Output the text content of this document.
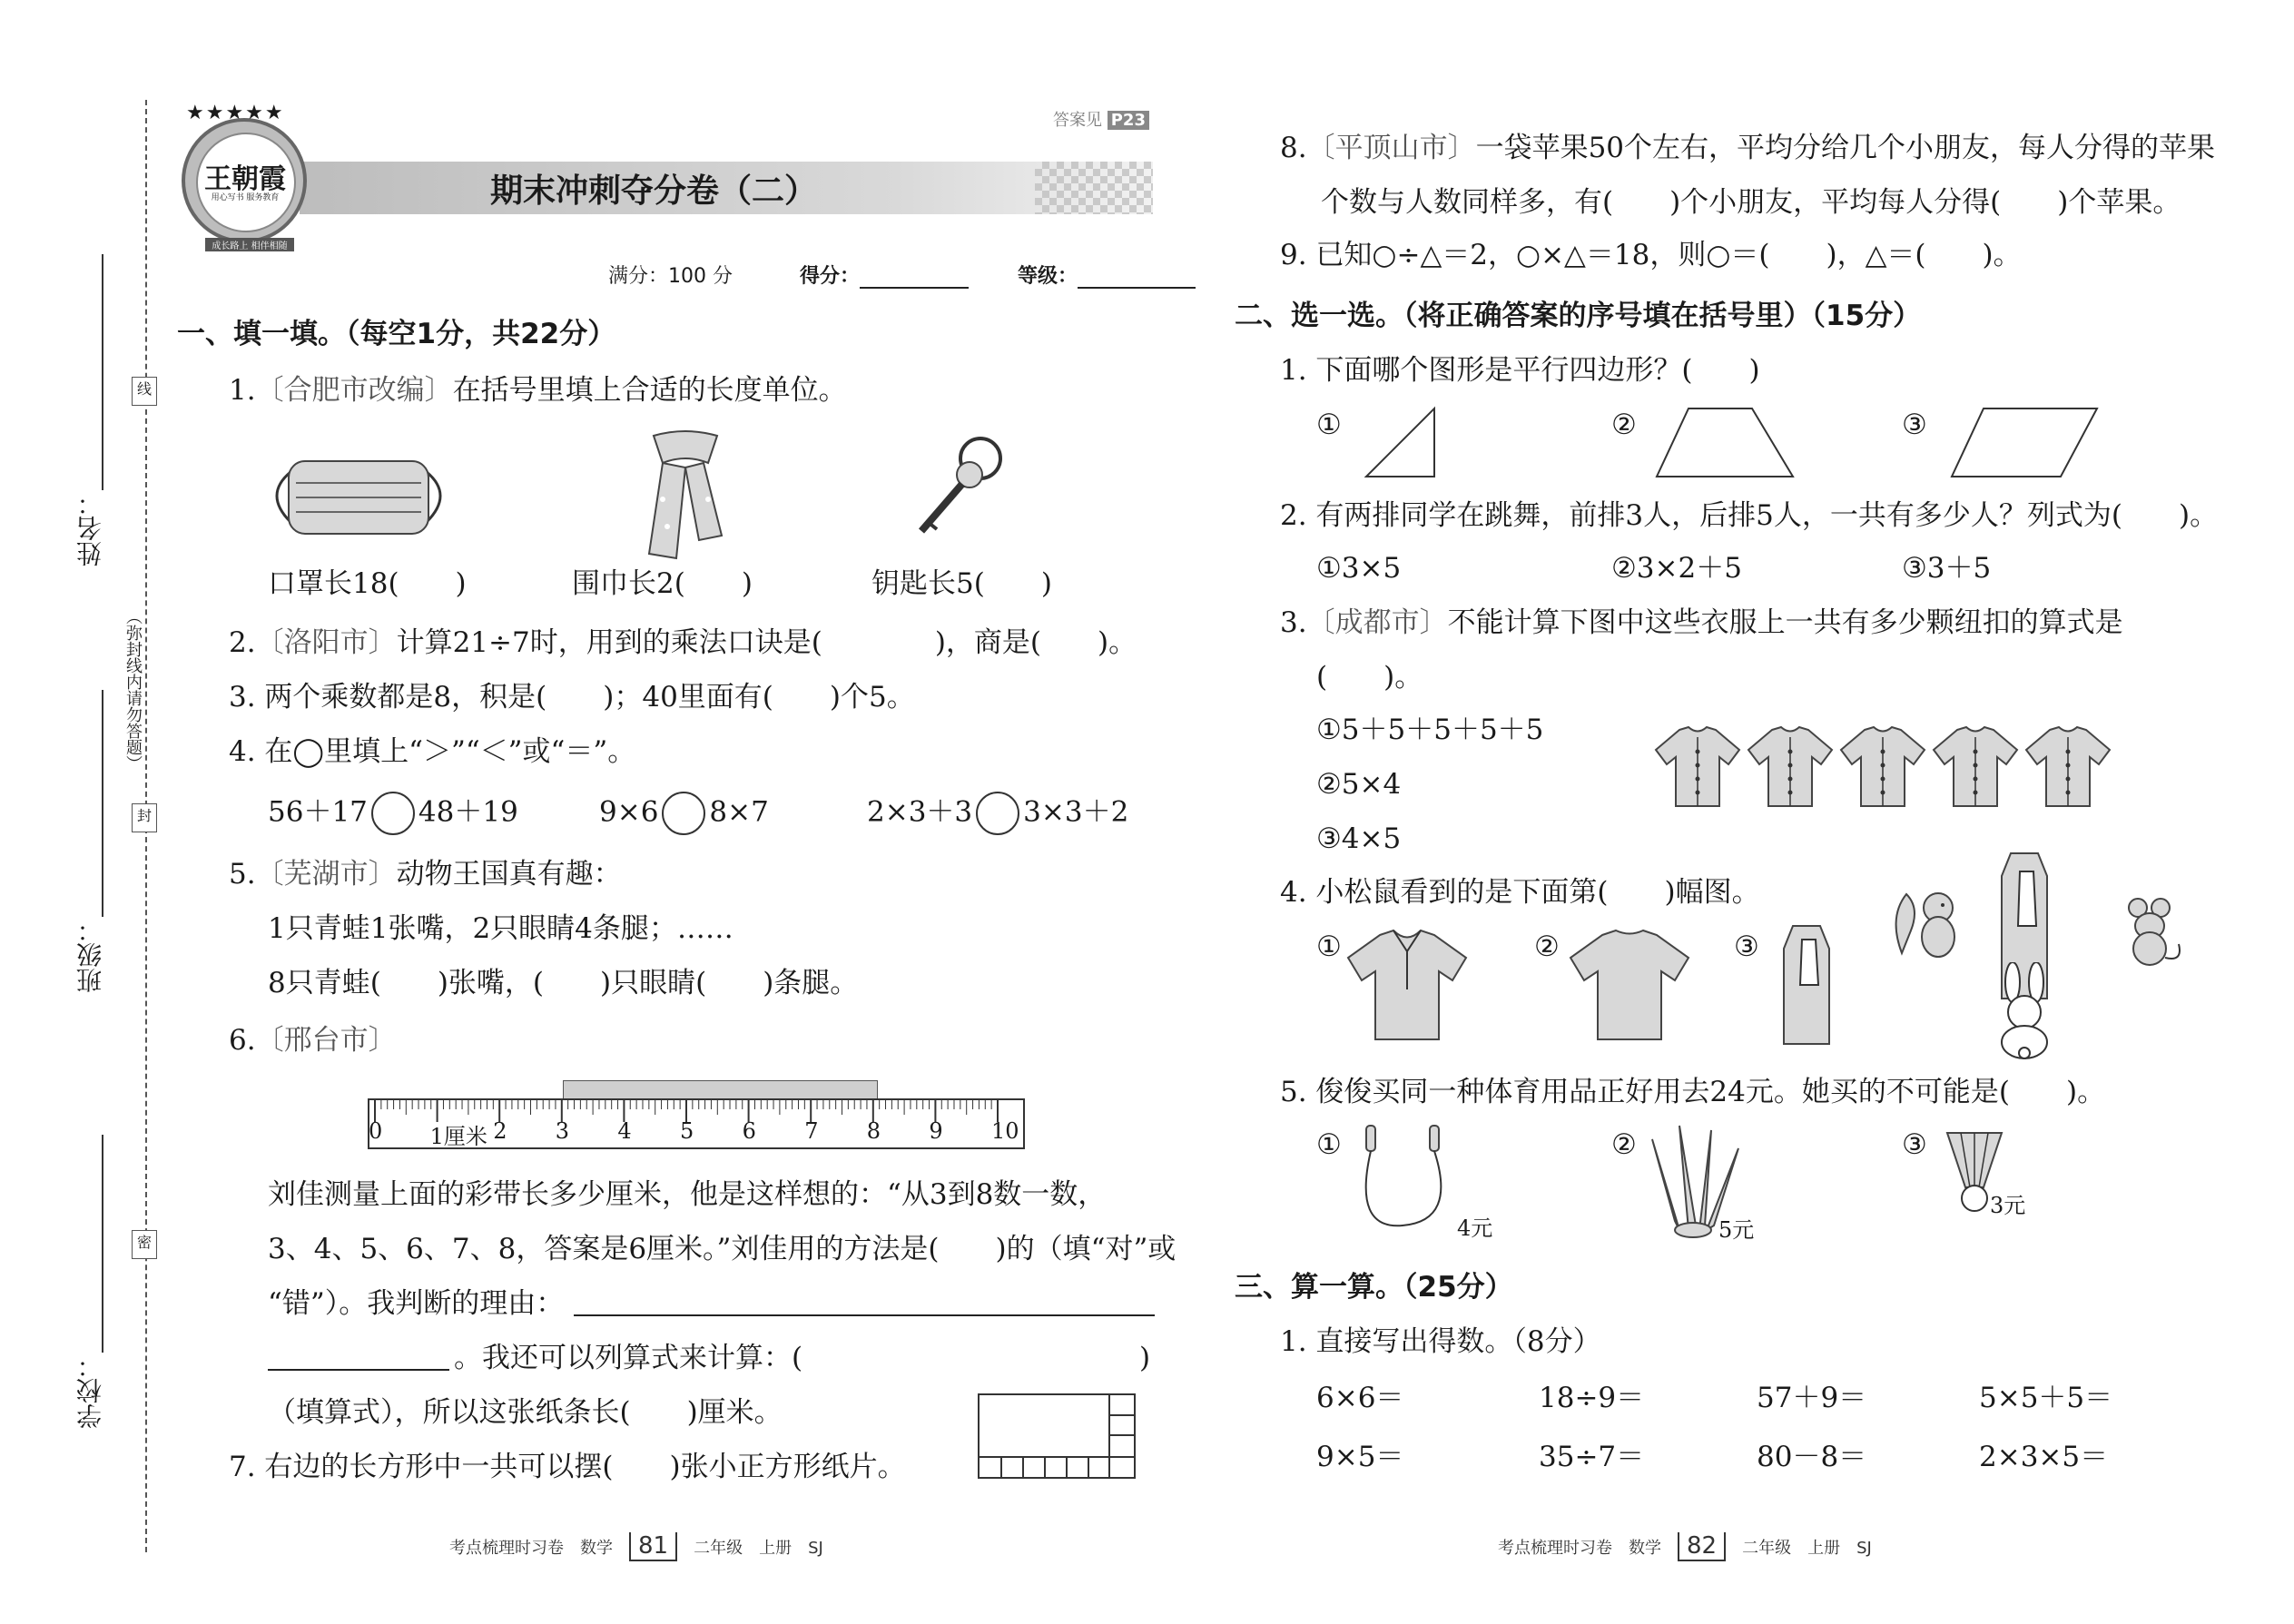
线
封
密
（弥封线内请勿答题）
姓名：
班级：
学校：
王朝霞
用心写书 服务教育
成长路上 相伴相随
★★★★★	答案见 P23
期末冲刺夺分卷（二）
满分：100 分	得分：	等级：
一、填一填。（每空1分，共22分）
1.〔合肥市改编〕在括号里填上合适的长度单位。
口罩长18(　　)	围巾长2(　　)	钥匙长5(　　)
2.〔洛阳市〕计算21÷7时，用到的乘法口诀是(　　　　)，商是(　　)。
3. 两个乘数都是8，积是(　　)；40里面有(　　)个5。
4. 在◯里填上“＞”“＜”或“＝”。
56＋17 48＋19	9×6 8×7	2×3＋3 3×3＋2
5.〔芜湖市〕动物王国真有趣：
1只青蛙1张嘴，2只眼睛4条腿；……
8只青蛙(　　)张嘴，(　　)只眼睛(　　)条腿。
6.〔邢台市〕
0 1厘米 2 3 4 5 6 7 8 9 10
刘佳测量上面的彩带长多少厘米，他是这样想的：“从3到8数一数，
3、4、5、6、7、8，答案是6厘米。”刘佳用的方法是(　　)的（填“对”或
“错”）。我判断的理由：
。我还可以列算式来计算：(	)
（填算式），所以这张纸条长(　　)厘米。
7. 右边的长方形中一共可以摆(　　)张小正方形纸片。
考点梳理时习卷　数学 81 二年级　上册　SJ
8.〔平顶山市〕一袋苹果50个左右，平均分给几个小朋友，每人分得的苹果
个数与人数同样多，有(　　)个小朋友，平均每人分得(　　)个苹果。
9. 已知○÷△＝2，○×△＝18，则○＝(　　)，△＝(　　)。
二、选一选。（将正确答案的序号填在括号里）（15分）
1. 下面哪个图形是平行四边形？(　　)
①	②	③
2. 有两排同学在跳舞，前排3人，后排5人，一共有多少人？列式为(　　)。
①3×5	②3×2＋5	③3＋5
3.〔成都市〕不能计算下图中这些衣服上一共有多少颗纽扣的算式是
(　　)。
①5＋5＋5＋5＋5
②5×4
③4×5
4. 小松鼠看到的是下面第(　　)幅图。
①	②	③
5. 俊俊买同一种体育用品正好用去24元。她买的不可能是(　　)。
①
4元
②
5元
③
3元
三、算一算。（25分）
1. 直接写出得数。（8分）
6×6＝	18÷9＝	57＋9＝	5×5＋5＝
9×5＝	35÷7＝	80－8＝	2×3×5＝
考点梳理时习卷　数学 82 二年级　上册　SJ
